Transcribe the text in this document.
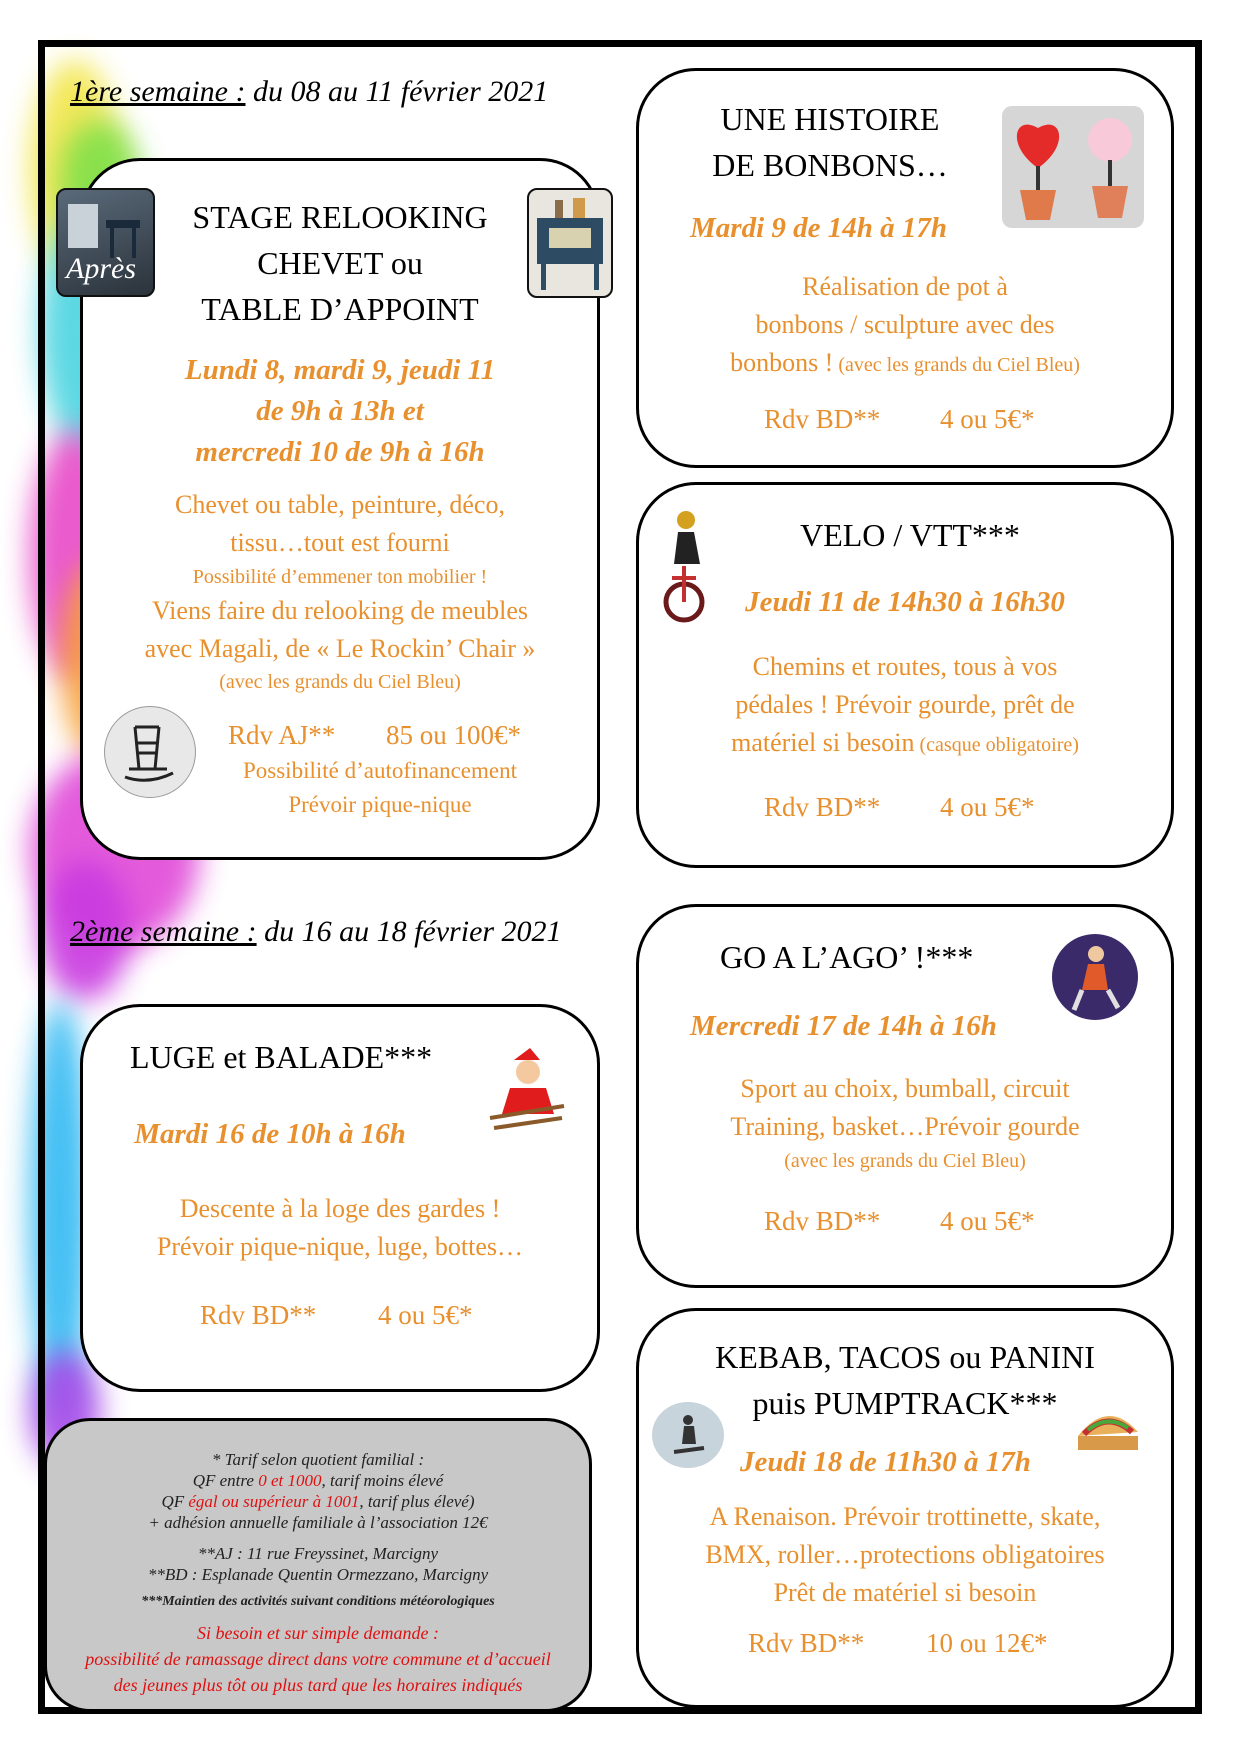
1ère semaine : du 08 au 11 février 2021
2ème semaine : du 16 au 18 février 2021
Après
STAGE RELOOKING
CHEVET ou
TABLE D’APPOINT
Lundi 8, mardi 9, jeudi 11
de 9h à 13h et
mercredi 10 de 9h à 16h
Chevet ou table, peinture, déco,
tissu…tout est fourni
Possibilité d’emmener ton mobilier !
Viens faire du relooking de meubles
avec Magali, de « Le Rockin’ Chair »
(avec les grands du Ciel Bleu)
Rdv AJ** 85 ou 100€*
Possibilité d’autofinancement
Prévoir pique-nique
UNE HISTOIRE
DE BONBONS…
Mardi 9 de 14h à 17h
Réalisation de pot à
bonbons / sculpture avec des
bonbons ! (avec les grands du Ciel Bleu)
Rdv BD** 4 ou 5€*
VELO / VTT***
Jeudi 11 de 14h30 à 16h30
Chemins et routes, tous à vos
pédales ! Prévoir gourde, prêt de
matériel si besoin (casque obligatoire)
Rdv BD** 4 ou 5€*
LUGE et BALADE***
Mardi 16 de 10h à 16h
Descente à la loge des gardes !
Prévoir pique-nique, luge, bottes…
Rdv BD** 4 ou 5€*
GO A L’AGO’ !***
Mercredi 17 de 14h à 16h
Sport au choix, bumball, circuit
Training, basket…Prévoir gourde
(avec les grands du Ciel Bleu)
Rdv BD** 4 ou 5€*
KEBAB, TACOS ou PANINI
puis PUMPTRACK***
Jeudi 18 de 11h30 à 17h
A Renaison. Prévoir trottinette, skate,
BMX, roller…protections obligatoires
Prêt de matériel si besoin
Rdv BD** 10 ou 12€*

* Tarif selon quotient familial :

QF entre 0 et 1000, tarif moins élevé

QF égal ou supérieur à 1001, tarif plus élevé)

+ adhésion annuelle familiale à l’association 12€

**AJ : 11 rue Freyssinet, Marcigny

**BD : Esplanade Quentin Ormezzano, Marcigny

***Maintien des activités suivant conditions météorologiques

Si besoin et sur simple demande :

possibilité de ramassage direct dans votre commune et d’accueil

des jeunes plus tôt ou plus tard que les horaires indiqués
